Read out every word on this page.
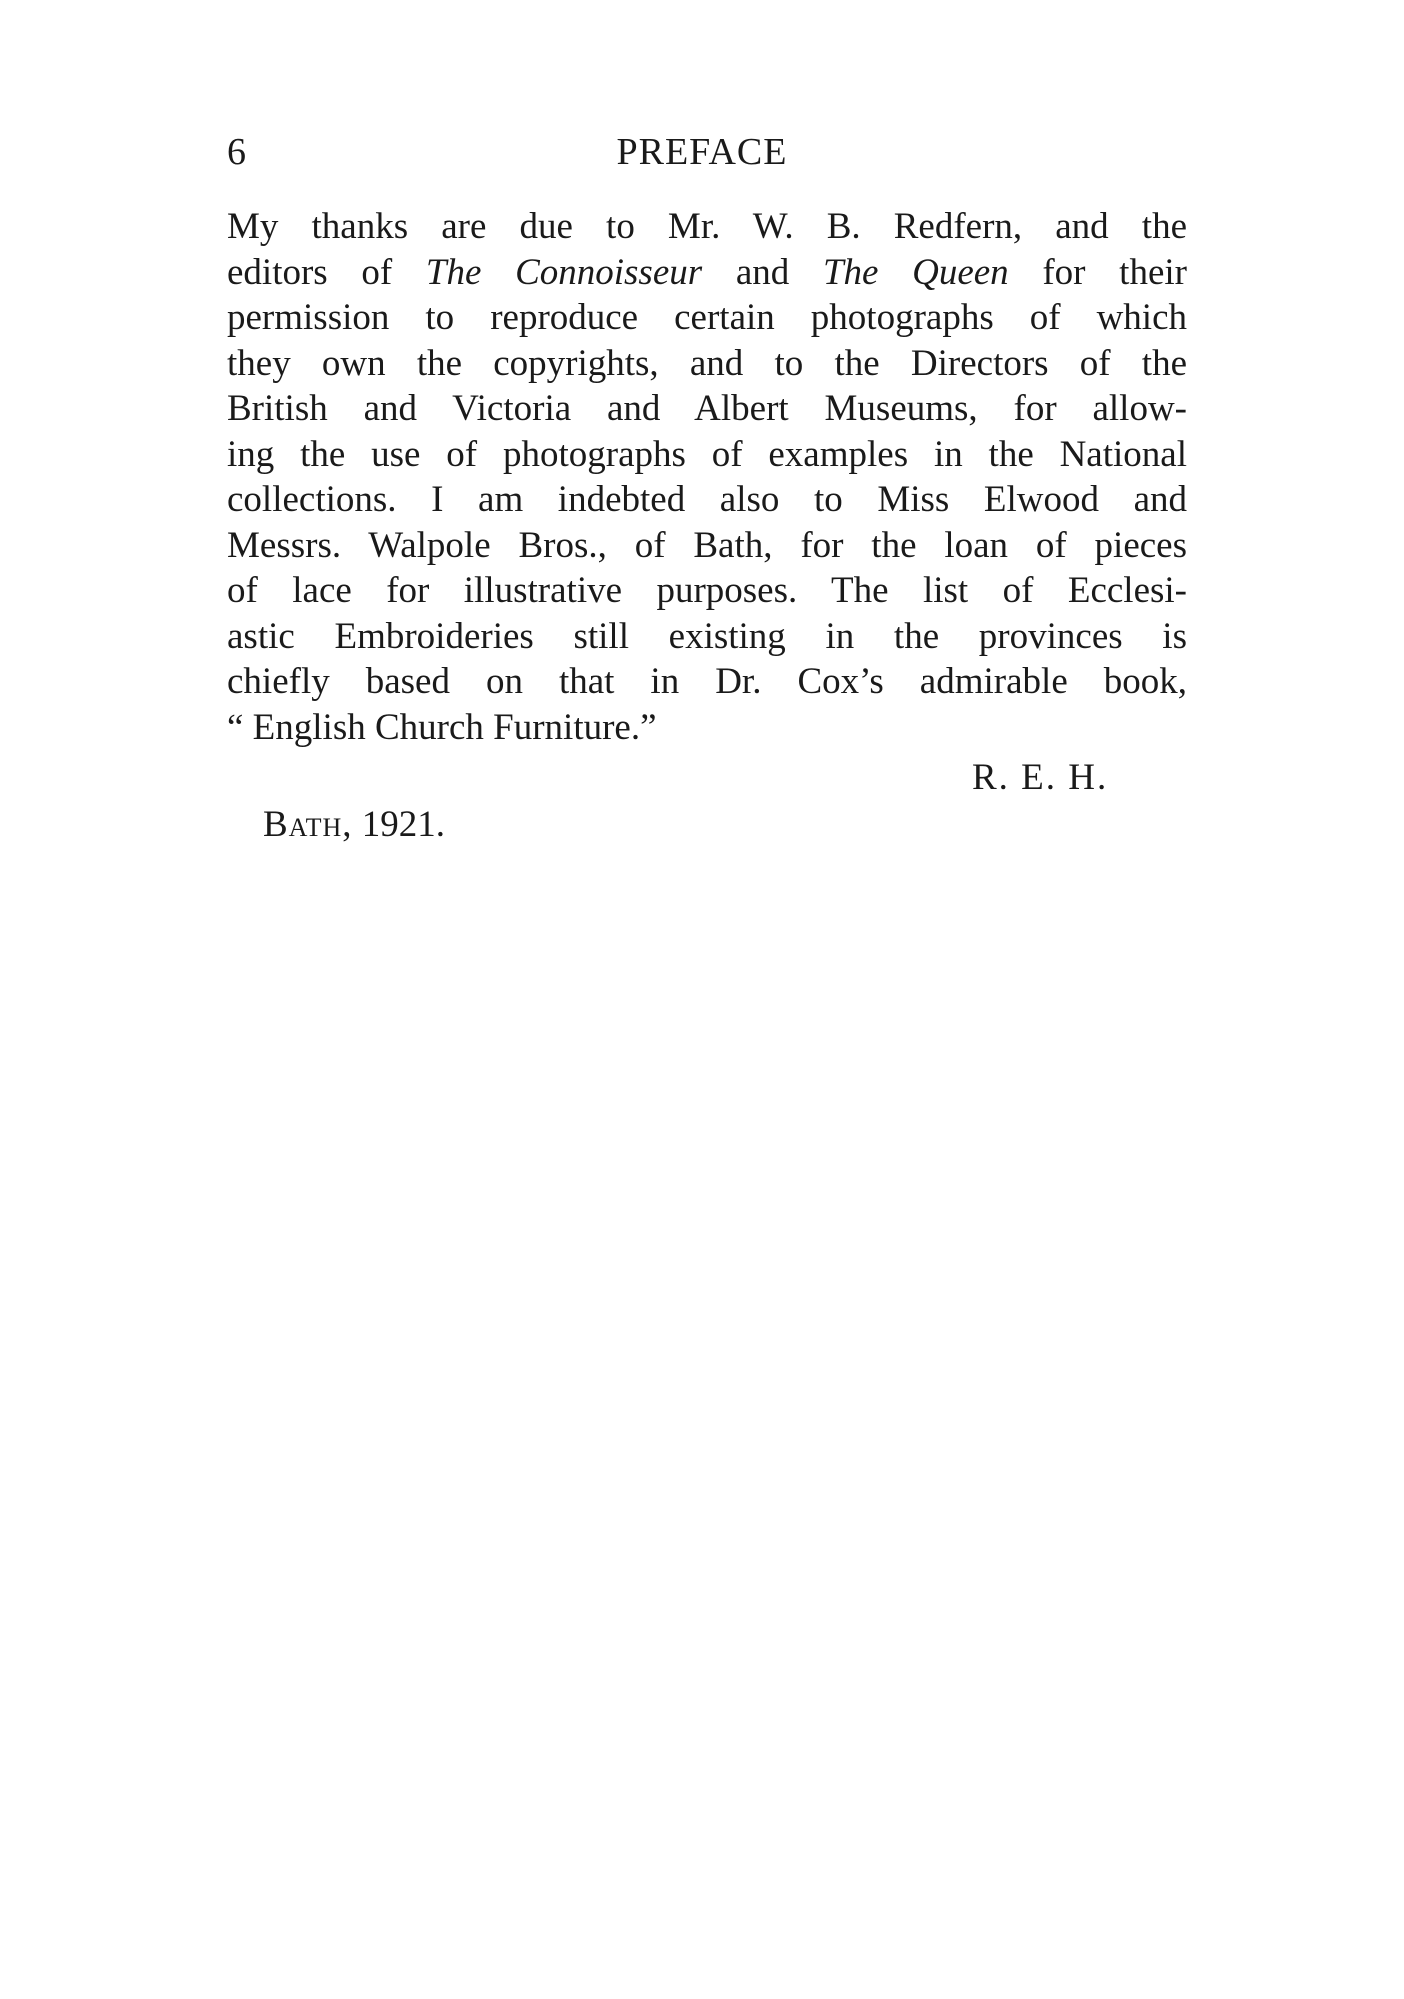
6	PREFACE
My thanks are due to Mr. W. B. Redfern, and the
editors of The Connoisseur and The Queen for their
permission to reproduce certain photographs of which
they own the copyrights, and to the Directors of the
British and Victoria and Albert Museums, for allow-
ing the use of photographs of examples in the National
collections. I am indebted also to Miss Elwood and
Messrs. Walpole Bros., of Bath, for the loan of pieces
of lace for illustrative purposes. The list of Ecclesi-
astic Embroideries still existing in the provinces is
chiefly based on that in Dr. Cox’s admirable book,
“ English Church Furniture.”
R. E. H.
Bath, 1921.
